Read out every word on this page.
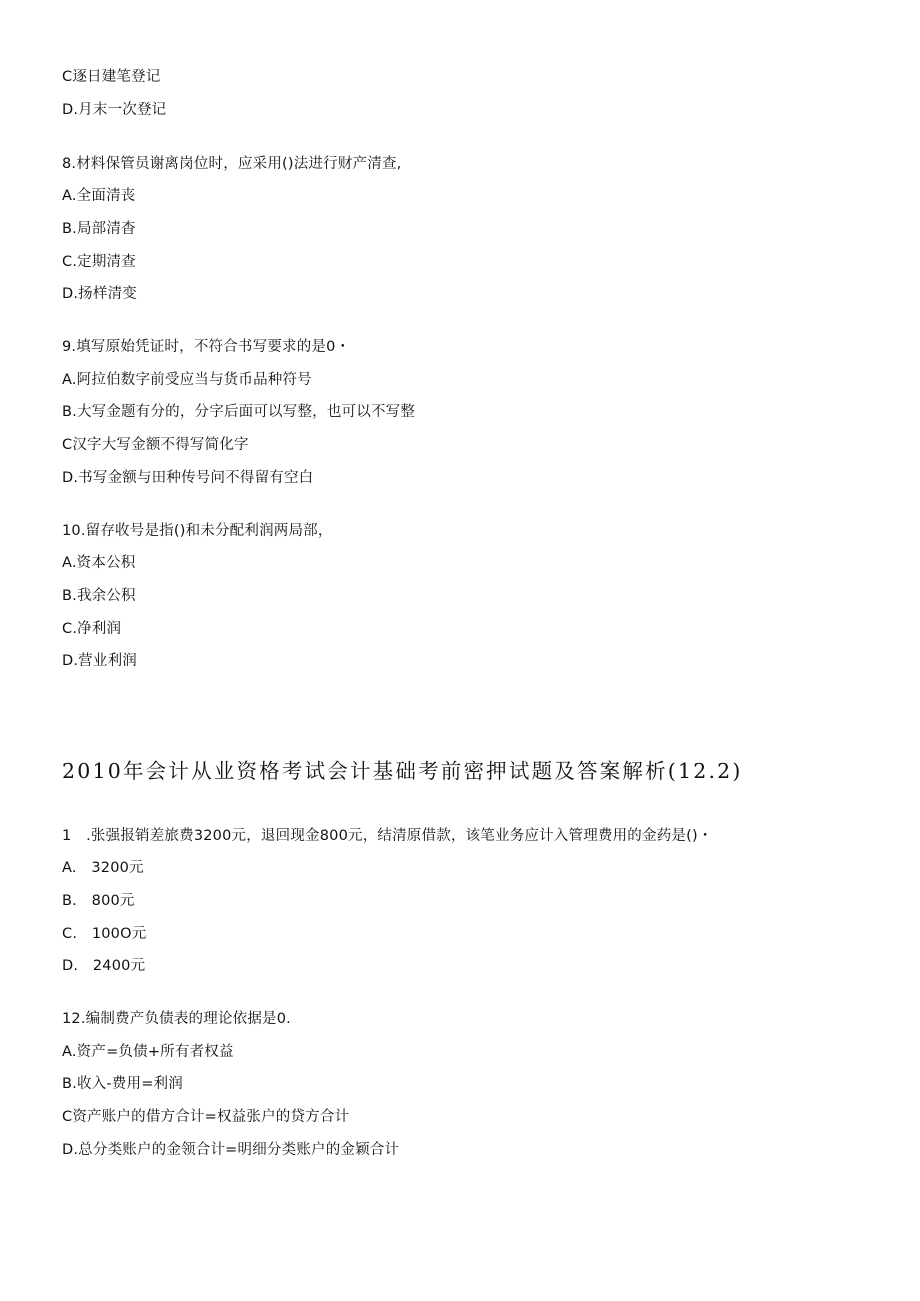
C逐日建笔登记
D.月末一次登记
8.材料保管员谢离岗位时，应采用()法进行财产清查,
A.全面清丧
B.局部清杳
C.定期清查
D.扬样清变
9.填写原始凭证时，不符合书写要求的是0・
A.阿拉伯数字前受应当与货币品种符号
B.大写金题有分的，分字后面可以写整，也可以不写整
C汉字大写金额不得写简化字
D.书写金额与田种传号问不得留有空白
10.留存收号是指()和未分配利润两局部，
A.资本公积
B.我余公积
C.净利润
D.营业利润
2010年会计从业资格考试会计基础考前密押试题及答案解析(12.2)
1　.张强报销差旅费3200元，退回现金800元，结清原借款，该笔业务应计入管理费用的金药是()・
A.　3200元
B.　800元
C.　100O元
D.　2400元
12.编制费产负债表的理论依据是0.
A.资产=负债+所有者权益
B.收入-费用=利润
C资产账户的借方合计=权益张户的贷方合计
D.总分类账户的金领合计=明细分类账户的金颖合计
